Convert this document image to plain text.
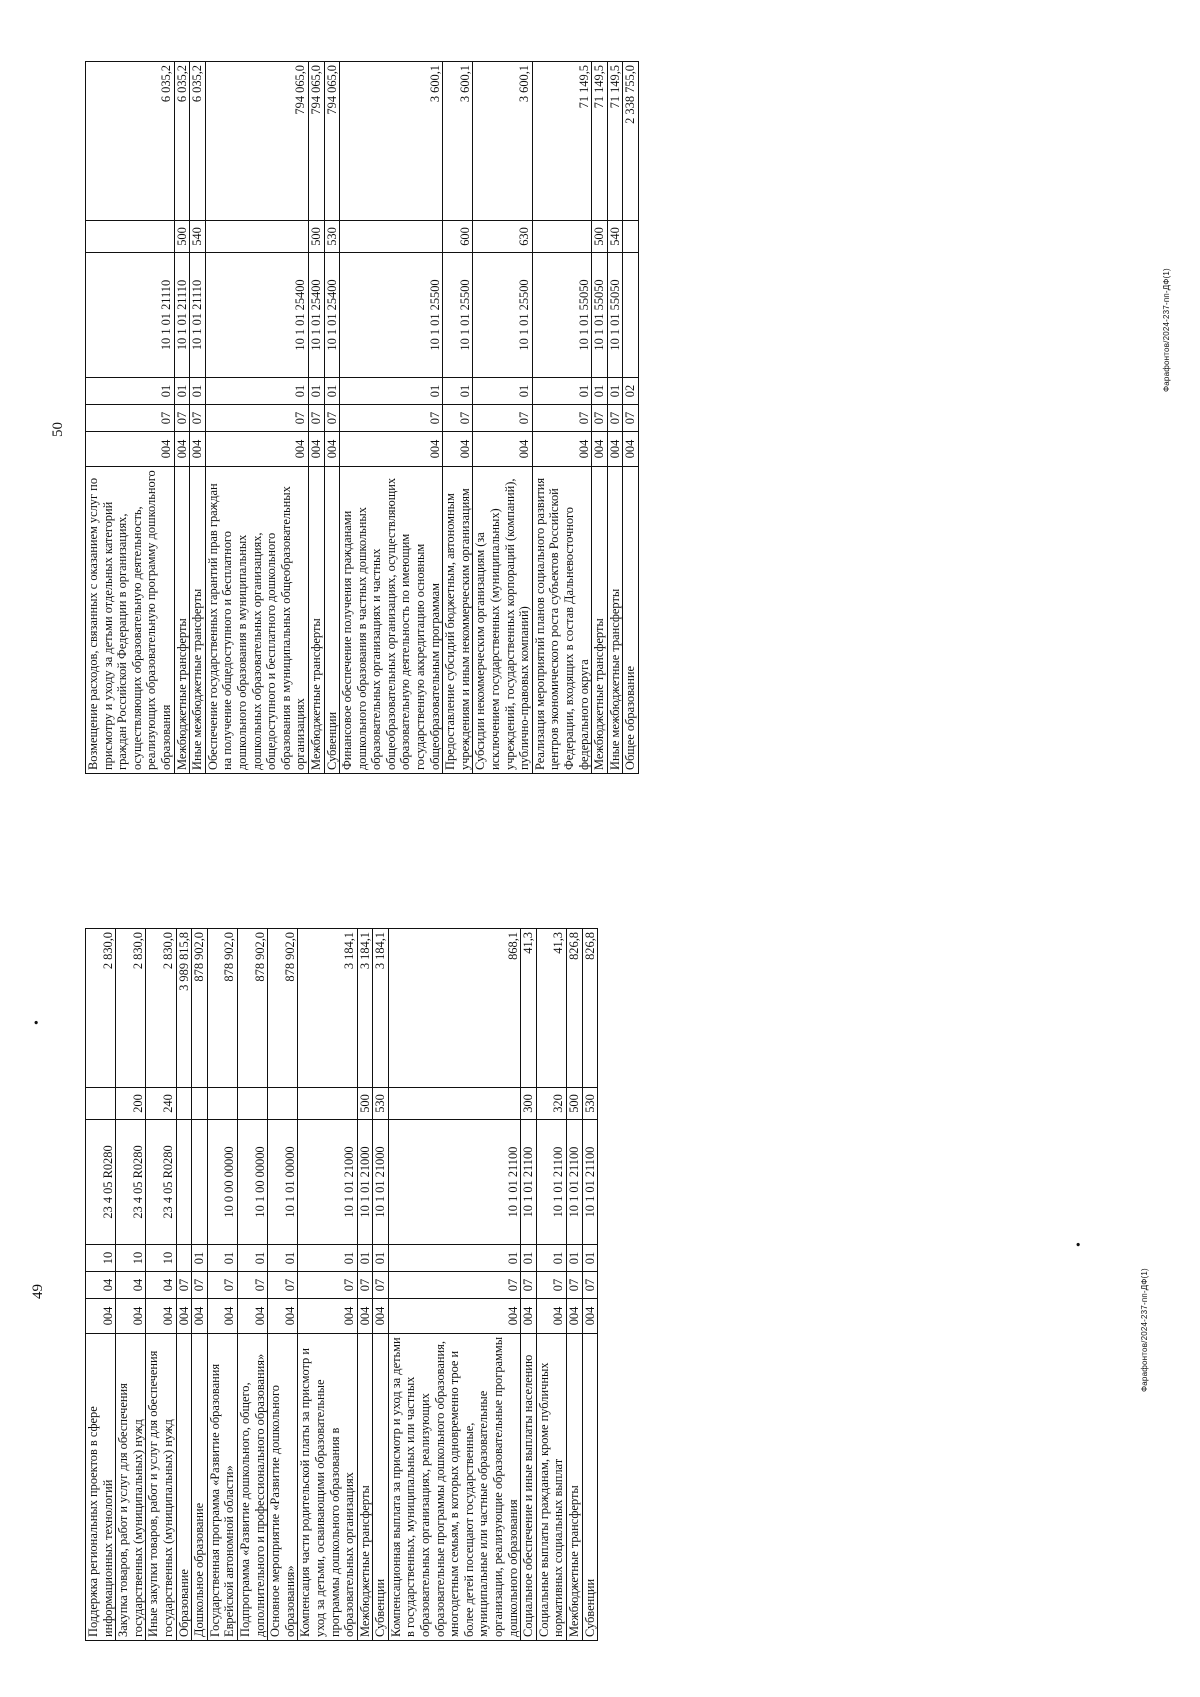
49
50
•
•
Поддержка региональных проектов в сфере информационных технологий	004	04	10	23 4 05 R0280		2 830,0
Закупка товаров, работ и услуг для обеспечения государственных (муниципальных) нужд	004	04	10	23 4 05 R0280	200	2 830,0
Иные закупки товаров, работ и услуг для обеспечения государственных (муниципальных) нужд	004	04	10	23 4 05 R0280	240	2 830,0
Образование	004	07				3 989 815,8
Дошкольное образование	004	07	01			878 902,0
Государственная программа «Развитие образования Еврейской автономной области»	004	07	01	10 0 00 00000		878 902,0
Подпрограмма «Развитие дошкольного, общего, дополнительного и профессионального образования»	004	07	01	10 1 00 00000		878 902,0
Основное мероприятие «Развитие дошкольного образования»	004	07	01	10 1 01 00000		878 902,0
Компенсация части родительской платы за присмотр и уход за детьми, осваивающими образовательные программы дошкольного образования в образовательных организациях	004	07	01	10 1 01 21000		3 184,1
Межбюджетные трансферты	004	07	01	10 1 01 21000	500	3 184,1
Субвенции	004	07	01	10 1 01 21000	530	3 184,1
Компенсационная выплата за присмотр и уход за детьми в государственных, муниципальных или частных образовательных организациях, реализующих образовательные программы дошкольного образования, многодетным семьям, в которых одновременно трое и более детей посещают государственные, муниципальные или частные образовательные организации, реализующие образовательные программы дошкольного образования	004	07	01	10 1 01 21100		868,1
Социальное обеспечение и иные выплаты населению	004	07	01	10 1 01 21100	300	41,3
Социальные выплаты гражданам, кроме публичных нормативных социальных выплат	004	07	01	10 1 01 21100	320	41,3
Межбюджетные трансферты	004	07	01	10 1 01 21100	500	826,8
Субвенции	004	07	01	10 1 01 21100	530	826,8
Возмещение расходов, связанных с оказанием услуг по присмотру и уходу за детьми отдельных категорий граждан Российской Федерации в организациях, осуществляющих образовательную деятельность, реализующих образовательную программу дошкольного образования	004	07	01	10 1 01 21110		6 035,2
Межбюджетные трансферты	004	07	01	10 1 01 21110	500	6 035,2
Иные межбюджетные трансферты	004	07	01	10 1 01 21110	540	6 035,2
Обеспечение государственных гарантий прав граждан на получение общедоступного и бесплатного дошкольного образования в муниципальных дошкольных образовательных организациях, общедоступного и бесплатного дошкольного образования в муниципальных общеобразовательных организациях	004	07	01	10 1 01 25400		794 065,0
Межбюджетные трансферты	004	07	01	10 1 01 25400	500	794 065,0
Субвенции	004	07	01	10 1 01 25400	530	794 065,0
Финансовое обеспечение получения гражданами дошкольного образования в частных дошкольных образовательных организациях и частных общеобразовательных организациях, осуществляющих образовательную деятельность по имеющим государственную аккредитацию основным общеобразовательным программам	004	07	01	10 1 01 25500		3 600,1
Предоставление субсидий бюджетным, автономным учреждениям и иным некоммерческим организациям	004	07	01	10 1 01 25500	600	3 600,1
Субсидии некоммерческим организациям (за исключением государственных (муниципальных) учреждений, государственных корпораций (компаний), публично-правовых компаний)	004	07	01	10 1 01 25500	630	3 600,1
Реализация мероприятий планов социального развития центров экономического роста субъектов Российской Федерации, входящих в состав Дальневосточного федерального округа	004	07	01	10 1 01 55050		71 149,5
Межбюджетные трансферты	004	07	01	10 1 01 55050	500	71 149,5
Иные межбюджетные трансферты	004	07	01	10 1 01 55050	540	71 149,5
Общее образование	004	07	02			2 338 755,0
Фарафонтов/2024-237-пп-ДФ(1)
Фарафонтов/2024-237-пп-ДФ(1)
